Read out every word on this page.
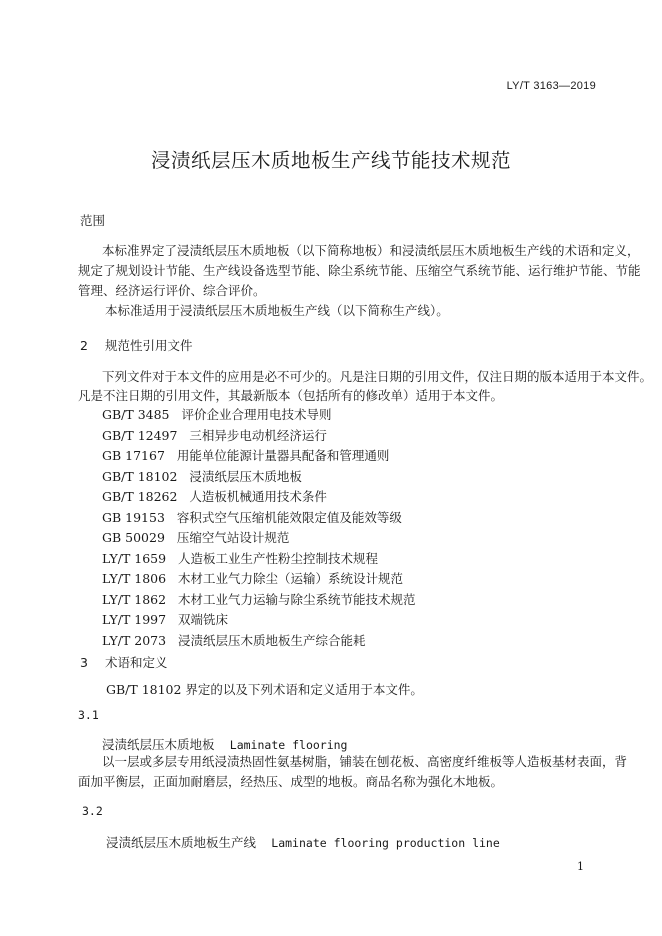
LY/T 3163—2019
浸渍纸层压木质地板生产线节能技术规范
范围
本标准界定了浸渍纸层压木质地板（以下简称地板）和浸渍纸层压木质地板生产线的术语和定义，
规定了规划设计节能、生产线设备选型节能、除尘系统节能、压缩空气系统节能、运行维护节能、节能
管理、经济运行评价、综合评价。
本标准适用于浸渍纸层压木质地板生产线（以下简称生产线）。
2 规范性引用文件
下列文件对于本文件的应用是必不可少的。凡是注日期的引用文件，仅注日期的版本适用于本文件。
凡是不注日期的引用文件，其最新版本（包括所有的修改单）适用于本文件。
GB/T 3485 评价企业合理用电技术导则
GB/T 12497 三相异步电动机经济运行
GB 17167 用能单位能源计量器具配备和管理通则
GB/T 18102 浸渍纸层压木质地板
GB/T 18262 人造板机械通用技术条件
GB 19153 容积式空气压缩机能效限定值及能效等级
GB 50029 压缩空气站设计规范
LY/T 1659 人造板工业生产性粉尘控制技术规程
LY/T 1806 木材工业气力除尘（运输）系统设计规范
LY/T 1862 木材工业气力运输与除尘系统节能技术规范
LY/T 1997 双端铣床
LY/T 2073 浸渍纸层压木质地板生产综合能耗
3 术语和定义
GB/T 18102 界定的以及下列术语和定义适用于本文件。
3.1
浸渍纸层压木质地板 Laminate flooring
以一层或多层专用纸浸渍热固性氨基树脂，铺装在刨花板、高密度纤维板等人造板基材表面，背
面加平衡层，正面加耐磨层，经热压、成型的地板。商品名称为强化木地板。
3.2
浸渍纸层压木质地板生产线 Laminate flooring production line
1
